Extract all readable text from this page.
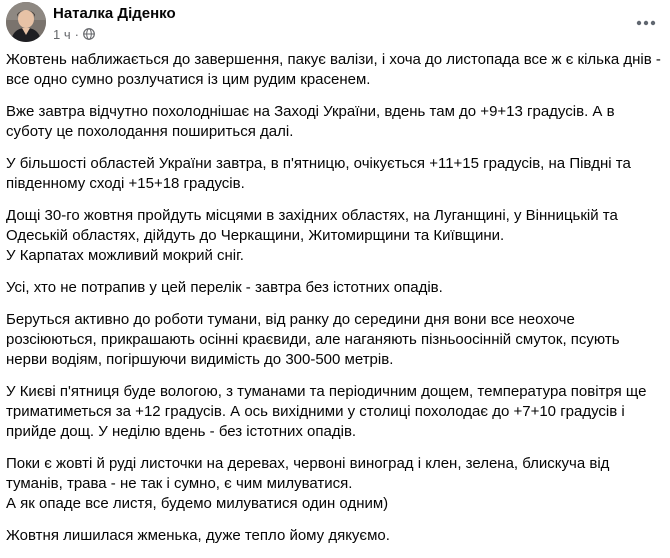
Наталка Діденко
1 ч ·

Жовтень наближається до завершення, пакує валізи, і хоча до листопада все ж є кілька днів -
все одно сумно розлучатися із цим рудим красенем.

Вже завтра відчутно похолоднішає на Заході України, вдень там до +9+13 градусів. А в
суботу це похолодання пошириться далі.

У більшості областей України завтра, в п'ятницю, очікується +11+15 градусів, на Півдні та
південному сході +15+18 градусів.

Дощі 30-го жовтня пройдуть місцями в західних областях, на Луганщині, у Вінницькій та
Одеській областях, дійдуть до Черкащини, Житомирщини та Київщини.
У Карпатах можливий мокрий сніг.

Усі, хто не потрапив у цей перелік - завтра без істотних опадів.

Беруться активно до роботи тумани, від ранку до середини дня вони все неохоче
розсіюються, прикрашають осінні краєвиди, але наганяють пізньоосінній смуток, псують
нерви водіям, погіршуючи видимість до 300-500 метрів.

У Києві п'ятниця буде вологою, з туманами та періодичним дощем, температура повітря ще
триматиметься за +12 градусів. А ось вихідними у столиці похолодає до +7+10 градусів і
прийде дощ. У неділю вдень - без істотних опадів.

Поки є жовті й руді листочки на деревах, червоні виноград і клен, зелена, блискуча від
туманів, трава - не так і сумно, є чим милуватися.
А як опаде все листя, будемо милуватися один одним)

Жовтня лишилася жменька, дуже тепло йому дякуємо.
